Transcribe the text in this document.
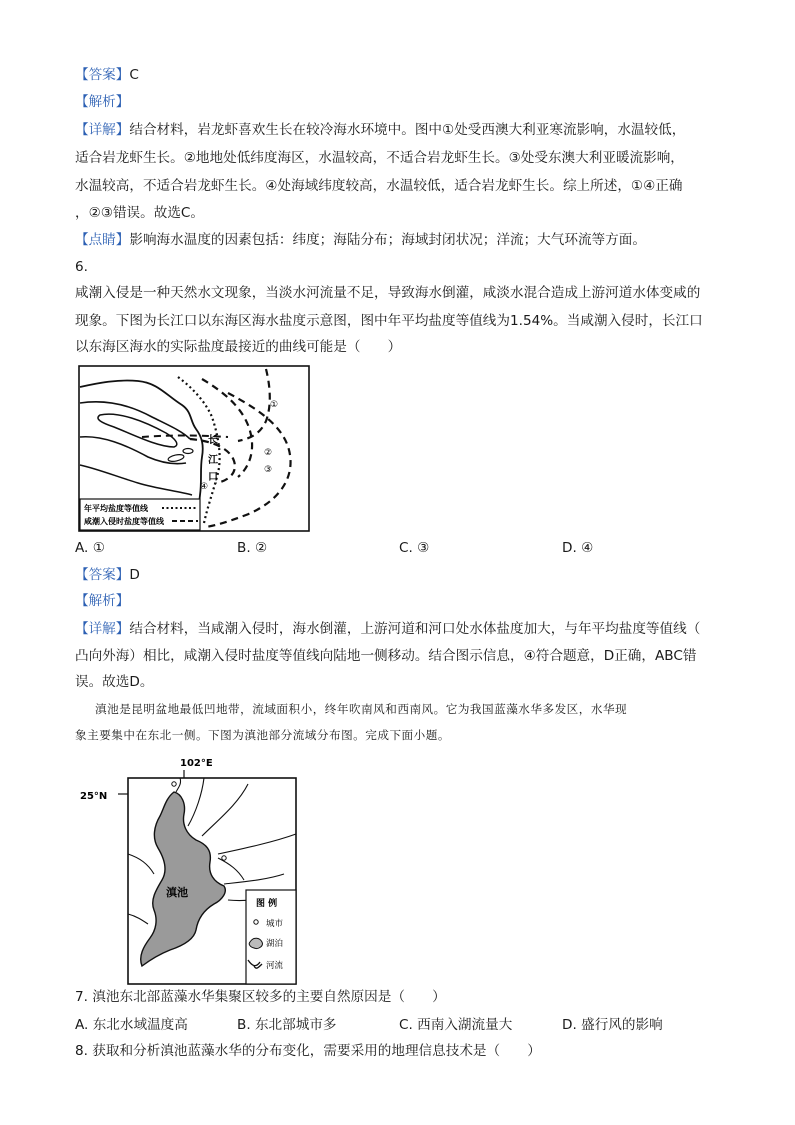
【答案】C
【解析】
【详解】结合材料，岩龙虾喜欢生长在较冷海水环境中。图中①处受西澳大利亚寒流影响，水温较低，
适合岩龙虾生长。②地地处低纬度海区，水温较高，不适合岩龙虾生长。③处受东澳大利亚暖流影响，
水温较高，不适合岩龙虾生长。④处海域纬度较高，水温较低，适合岩龙虾生长。综上所述，①④正确
，②③错误。故选C。
【点睛】影响海水温度的因素包括：纬度；海陆分布；海域封闭状况；洋流；大气环流等方面。
6.
咸潮入侵是一种天然水文现象，当淡水河流量不足，导致海水倒灌，咸淡水混合造成上游河道水体变咸的
现象。下图为长江口以东海区海水盐度示意图，图中年平均盐度等值线为1.54%。当咸潮入侵时，长江口
以东海区海水的实际盐度最接近的曲线可能是（　　）
长
江
口
①
②
③
④
年平均盐度等值线
咸潮入侵时盐度等值线
A. ①	B. ②	C. ③	D. ④
【答案】D
【解析】
【详解】结合材料，当咸潮入侵时，海水倒灌，上游河道和河口处水体盐度加大，与年平均盐度等值线（
凸向外海）相比，咸潮入侵时盐度等值线向陆地一侧移动。结合图示信息，④符合题意，D正确，ABC错
误。故选D。
滇池是昆明盆地最低凹地带，流域面积小，终年吹南风和西南风。它为我国蓝藻水华多发区，水华现
象主要集中在东北一侧。下图为滇池部分流域分布图。完成下面小题。
102°E
25°N
滇池
图 例
城市
湖泊
河流
7. 滇池东北部蓝藻水华集聚区较多的主要自然原因是（　　）
A. 东北水域温度高	B. 东北部城市多	C. 西南入湖流量大	D. 盛行风的影响
8. 获取和分析滇池蓝藻水华的分布变化，需要采用的地理信息技术是（　　）
